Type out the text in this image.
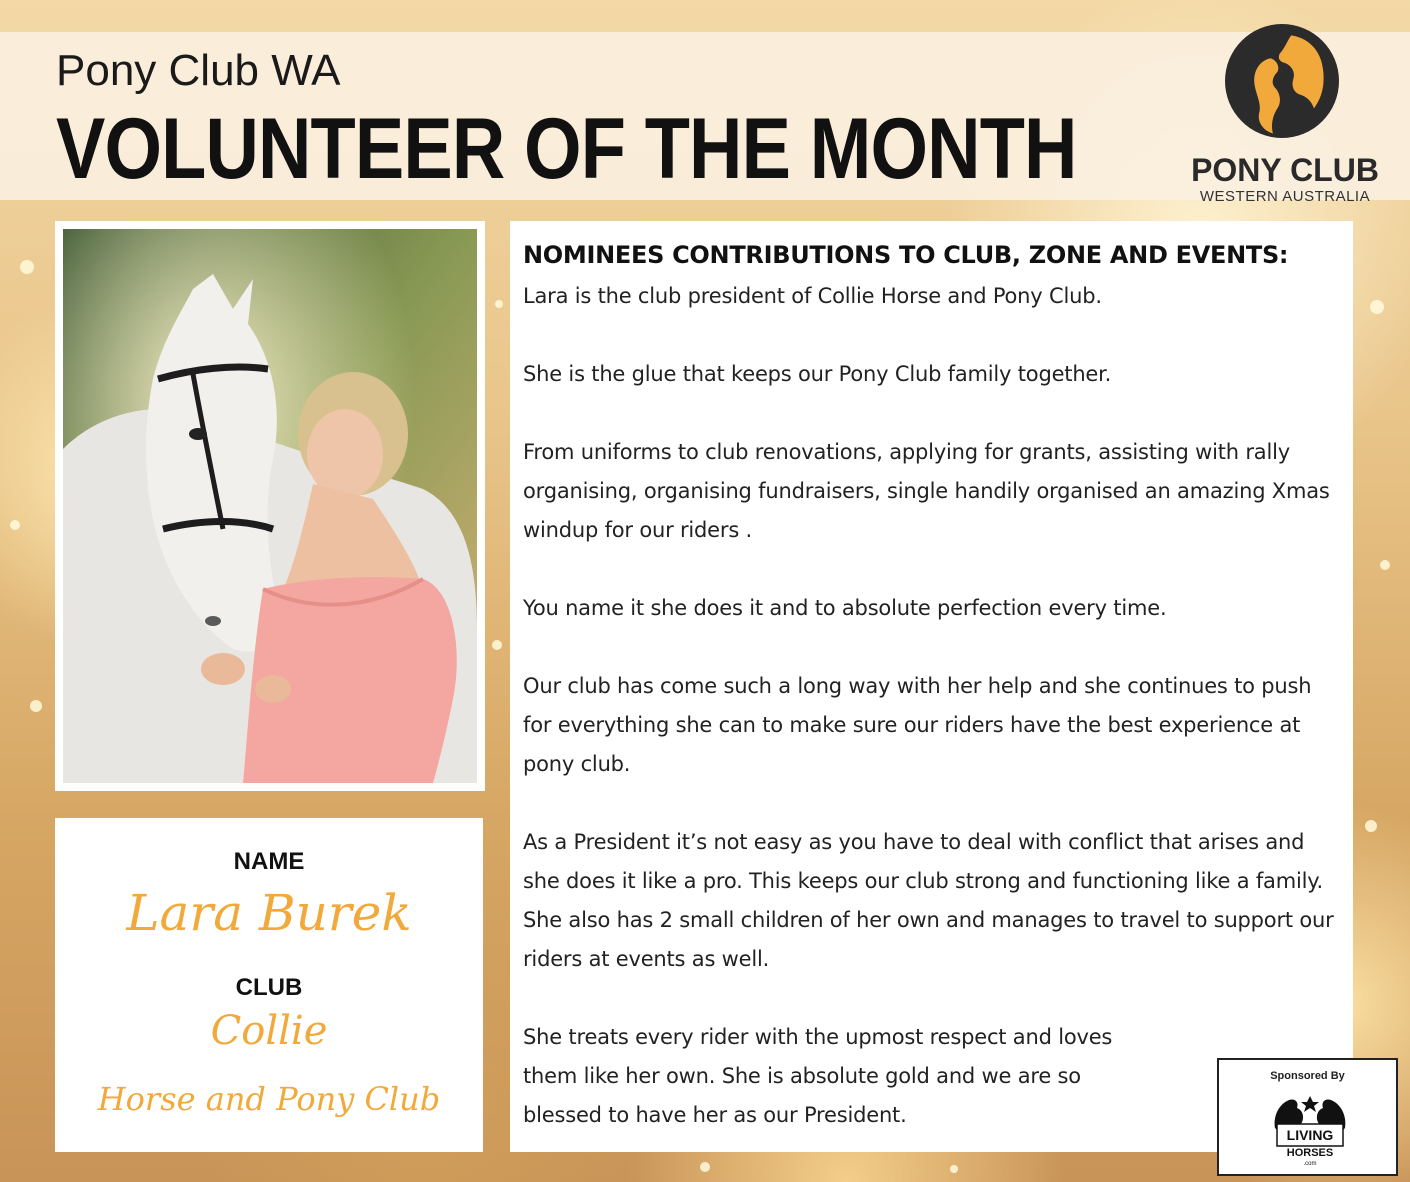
Pony Club WA
VOLUNTEER OF THE MONTH	PONY CLUB
WESTERN AUSTRALIA
NAME
Lara Burek
CLUB
Collie
Horse and Pony Club
NOMINEES CONTRIBUTIONS TO CLUB, ZONE AND EVENTS:

Lara is the club president of Collie Horse and Pony Club.

She is the glue that keeps our Pony Club family together.

From uniforms to club renovations, applying for grants, assisting with rally organising, organising fundraisers, single handily organised an amazing Xmas windup for our riders .

You name it she does it and to absolute perfection every time.

Our club has come such a long way with her help and she continues to push for everything she can to make sure our riders have the best experience at pony club.

As a President it’s not easy as you have to deal with conflict that arises and she does it like a pro. This keeps our club strong and functioning like a family. She also has 2 small children of her own and manages to travel to support our riders at events as well.

She treats every rider with the upmost respect and loves them like her own. She is absolute gold and we are so blessed to have her as our President.

Sponsored By
LIVING
HORSES
.com
